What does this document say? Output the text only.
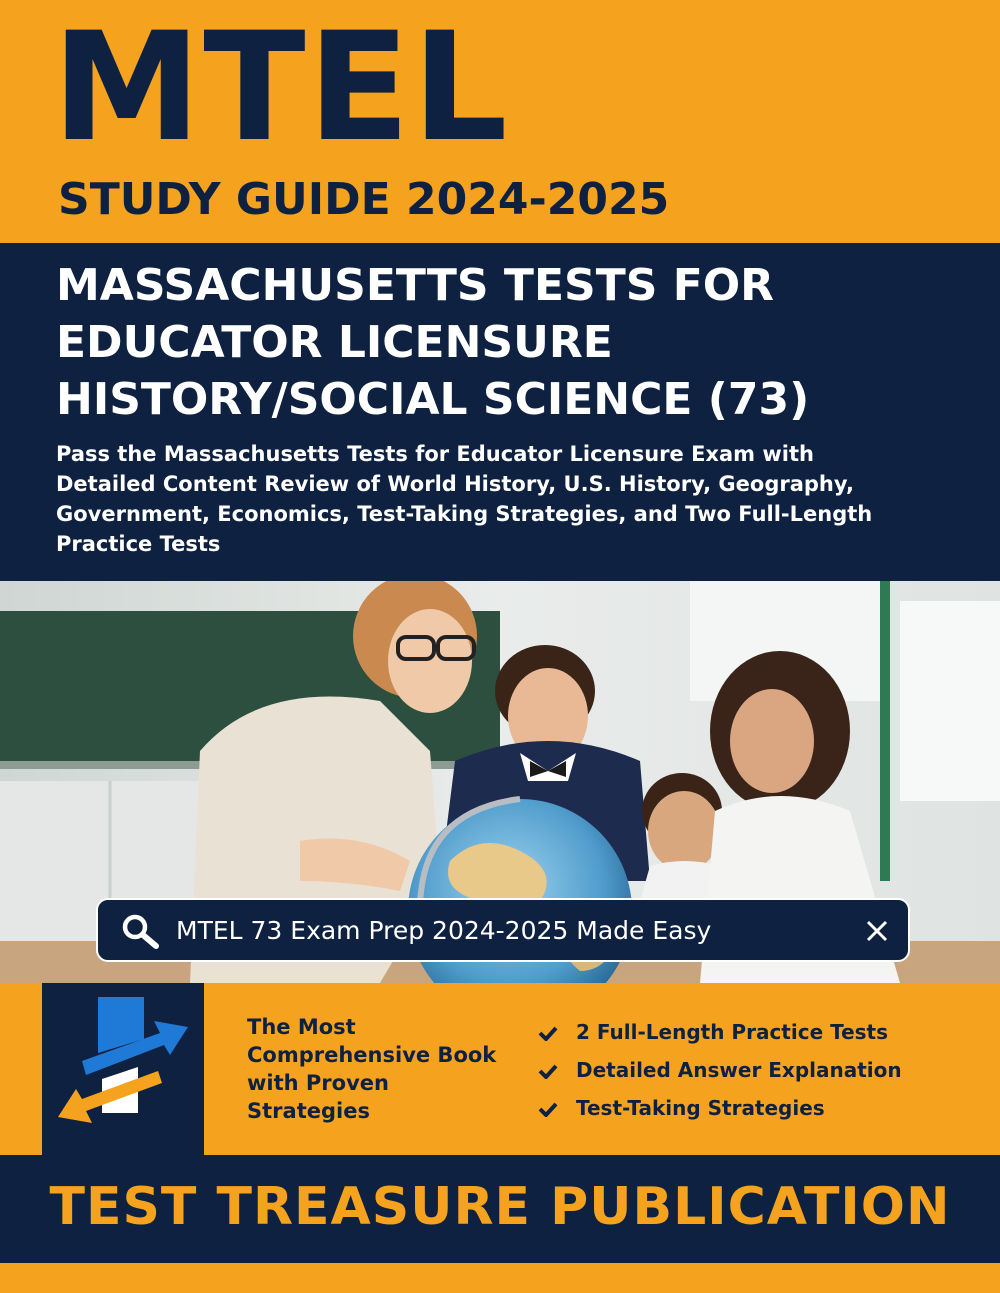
MTEL
STUDY GUIDE 2024-2025

MASSACHUSETTS TESTS FOR

EDUCATOR LICENSURE

HISTORY/SOCIAL SCIENCE (73)

Pass the Massachusetts Tests for Educator Licensure Exam with

Detailed Content Review of World History, U.S. History, Geography,

Government, Economics, Test-Taking Strategies, and Two Full-Length

Practice Tests

MTEL 73 Exam Prep 2024-2025 Made Easy

The Most Comprehensive Book with Proven Strategies

2 Full-Length Practice Tests
Detailed Answer Explanation
Test-Taking Strategies

TEST TREASURE PUBLICATION
